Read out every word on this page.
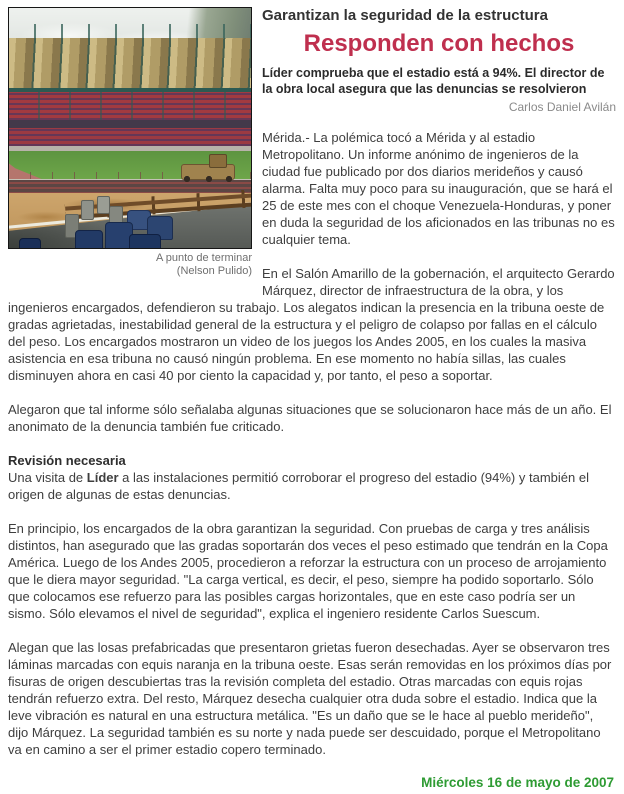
A punto de terminar
(Nelson Pulido)
Garantizan la seguridad de la estructura
Responden con hechos

Líder comprueba que el estadio está a 94%. El director de la obra local asegura que las denuncias se resolvieron

Carlos Daniel Avilán

Mérida.- La polémica tocó a Mérida y al estadio Metropolitano. Un informe anónimo de ingenieros de la ciudad fue publicado por dos diarios merideños y causó alarma. Falta muy poco para su inauguración, que se hará el 25 de este mes con el choque Venezuela-Honduras, y poner en duda la seguridad de los aficionados en las tribunas no es cualquier tema.

En el Salón Amarillo de la gobernación, el arquitecto Gerardo Márquez, director de infraestructura de la obra, y los ingenieros encargados, defendieron su trabajo. Los alegatos indican la presencia en la tribuna oeste de gradas agrietadas, inestabilidad general de la estructura y el peligro de colapso por fallas en el cálculo del peso. Los encargados mostraron un video de los juegos los Andes 2005, en los cuales la masiva asistencia en esa tribuna no causó ningún problema. En ese momento no había sillas, las cuales disminuyen ahora en casi 40 por ciento la capacidad y, por tanto, el peso a soportar.

Alegaron que tal informe sólo señalaba algunas situaciones que se solucionaron hace más de un año. El anonimato de la denuncia también fue criticado.

Revisión necesaria

Una visita de Líder a las instalaciones permitió corroborar el progreso del estadio (94%) y también el origen de algunas de estas denuncias.

En principio, los encargados de la obra garantizan la seguridad. Con pruebas de carga y tres análisis distintos, han asegurado que las gradas soportarán dos veces el peso estimado que tendrán en la Copa América. Luego de los Andes 2005, procedieron a reforzar la estructura con un proceso de arrojamiento que le diera mayor seguridad. "La carga vertical, es decir, el peso, siempre ha podido soportarlo. Sólo que colocamos ese refuerzo para las posibles cargas horizontales, que en este caso podría ser un sismo. Sólo elevamos el nivel de seguridad", explica el ingeniero residente Carlos Suescum.

Alegan que las losas prefabricadas que presentaron grietas fueron desechadas. Ayer se observaron tres láminas marcadas con equis naranja en la tribuna oeste. Esas serán removidas en los próximos días por fisuras de origen descubiertas tras la revisión completa del estadio. Otras marcadas con equis rojas tendrán refuerzo extra. Del resto, Márquez desecha cualquier otra duda sobre el estadio. Indica que la leve vibración es natural en una estructura metálica. "Es un daño que se le hace al pueblo merideño", dijo Márquez. La seguridad también es su norte y nada puede ser descuidado, porque el Metropolitano va en camino a ser el primer estadio copero terminado.

Miércoles 16 de mayo de 2007
